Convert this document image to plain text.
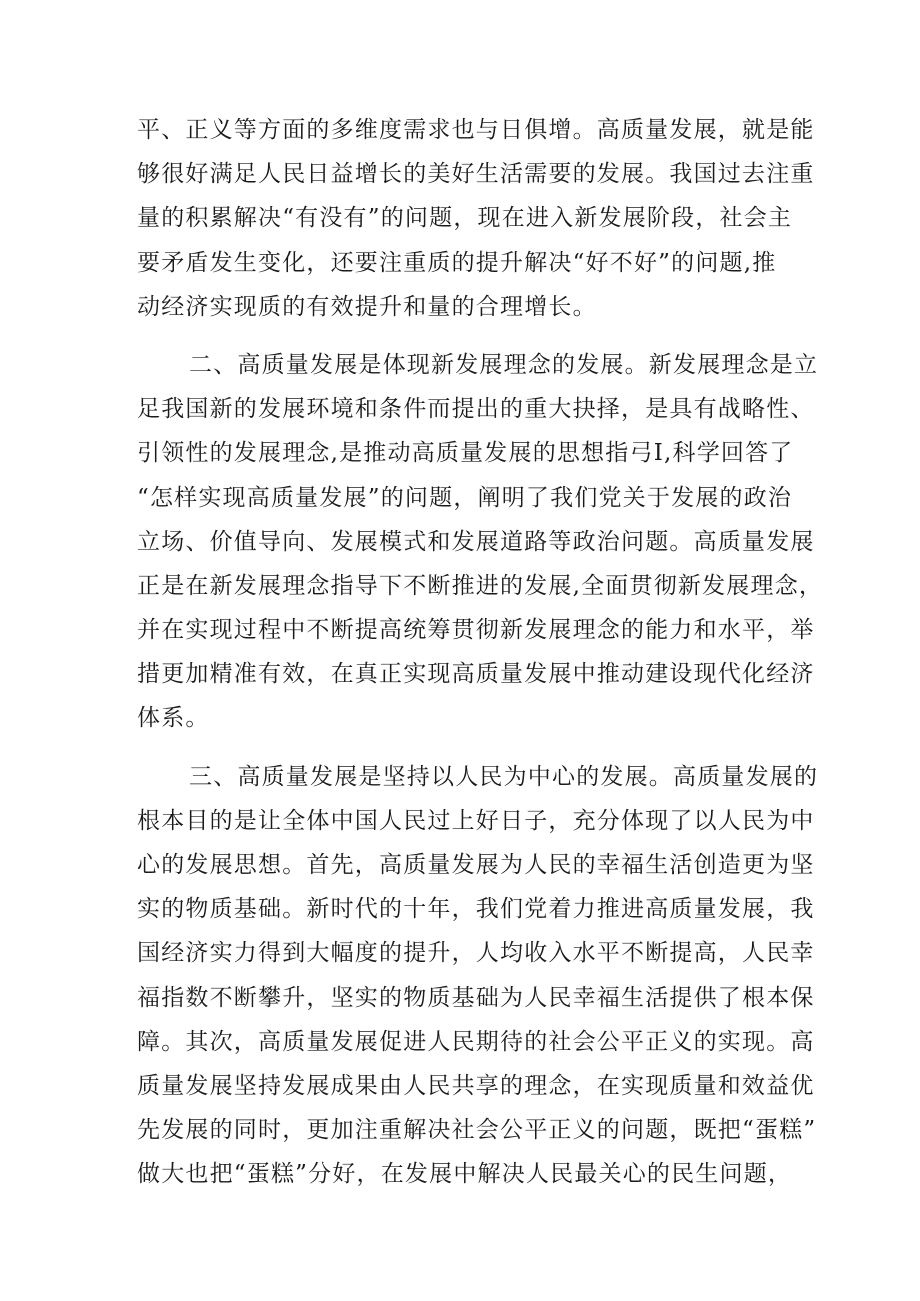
平、正义等方面的多维度需求也与日俱增。高质量发展，就是能
够很好满足人民日益增长的美好生活需要的发展。我国过去注重
量的积累解决“有没有”的问题，现在进入新发展阶段，社会主
要矛盾发生变化，还要注重质的提升解决“好不好”的问题,推
动经济实现质的有效提升和量的合理增长。
二、高质量发展是体现新发展理念的发展。新发展理念是立
足我国新的发展环境和条件而提出的重大抉择，是具有战略性、
引领性的发展理念,是推动高质量发展的思想指弓I,科学回答了
“怎样实现高质量发展”的问题，阐明了我们党关于发展的政治
立场、价值导向、发展模式和发展道路等政治问题。高质量发展
正是在新发展理念指导下不断推进的发展,全面贯彻新发展理念，
并在实现过程中不断提高统筹贯彻新发展理念的能力和水平，举
措更加精准有效，在真正实现高质量发展中推动建设现代化经济
体系。
三、高质量发展是坚持以人民为中心的发展。高质量发展的
根本目的是让全体中国人民过上好日子，充分体现了以人民为中
心的发展思想。首先，高质量发展为人民的幸福生活创造更为坚
实的物质基础。新时代的十年，我们党着力推进高质量发展，我
国经济实力得到大幅度的提升，人均收入水平不断提高，人民幸
福指数不断攀升，坚实的物质基础为人民幸福生活提供了根本保
障。其次，高质量发展促进人民期待的社会公平正义的实现。高
质量发展坚持发展成果由人民共享的理念，在实现质量和效益优
先发展的同时，更加注重解决社会公平正义的问题，既把“蛋糕”
做大也把“蛋糕”分好，在发展中解决人民最关心的民生问题，
